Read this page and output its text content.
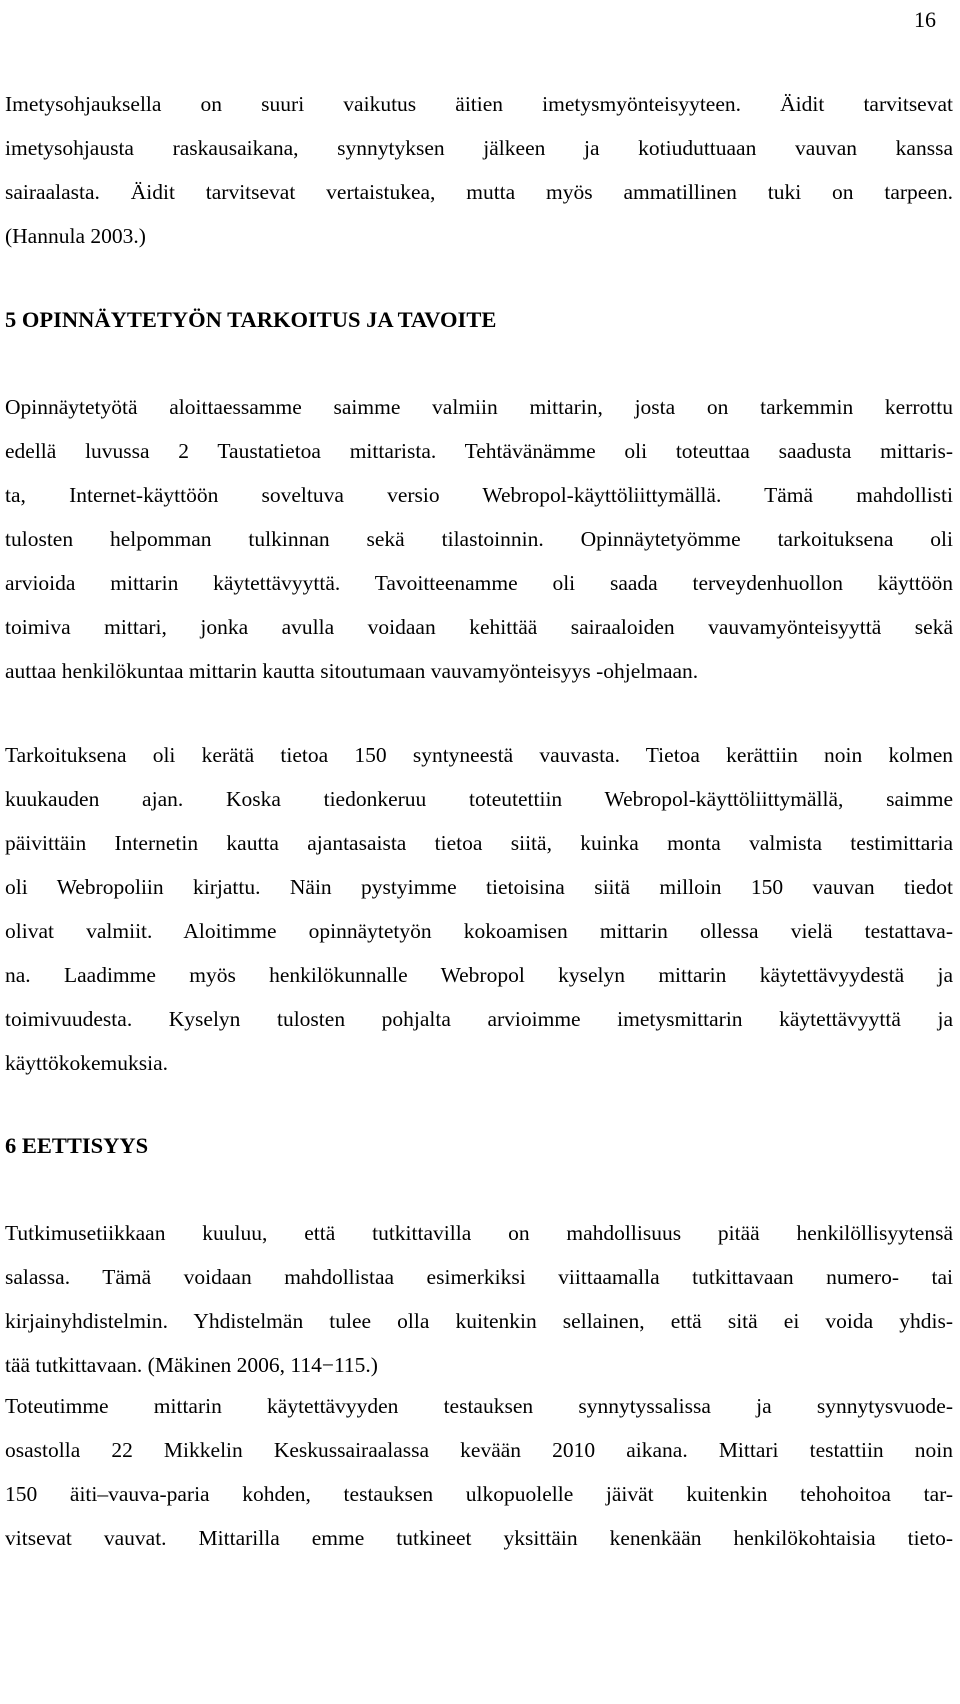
16
Imetysohjauksella on suuri vaikutus äitien imetysmyönteisyyteen. Äidit tarvitsevat
imetysohjausta raskausaikana, synnytyksen jälkeen ja kotiuduttuaan vauvan kanssa
sairaalasta. Äidit tarvitsevat vertaistukea, mutta myös ammatillinen tuki on tarpeen.
(Hannula 2003.)
5 OPINNÄYTETYÖN TARKOITUS JA TAVOITE
Opinnäytetyötä aloittaessamme saimme valmiin mittarin, josta on tarkemmin kerrottu
edellä luvussa 2 Taustatietoa mittarista. Tehtävänämme oli toteuttaa saadusta mittaris-
ta, Internet-käyttöön soveltuva versio Webropol-käyttöliittymällä. Tämä mahdollisti
tulosten helpomman tulkinnan sekä tilastoinnin. Opinnäytetyömme tarkoituksena oli
arvioida mittarin käytettävyyttä. Tavoitteenamme oli saada terveydenhuollon käyttöön
toimiva mittari, jonka avulla voidaan kehittää sairaaloiden vauvamyönteisyyttä sekä
auttaa henkilökuntaa mittarin kautta sitoutumaan vauvamyönteisyys -ohjelmaan.
Tarkoituksena oli kerätä tietoa 150 syntyneestä vauvasta. Tietoa kerättiin noin kolmen
kuukauden ajan. Koska tiedonkeruu toteutettiin Webropol-käyttöliittymällä, saimme
päivittäin Internetin kautta ajantasaista tietoa siitä, kuinka monta valmista testimittaria
oli Webropoliin kirjattu. Näin pystyimme tietoisina siitä milloin 150 vauvan tiedot
olivat valmiit. Aloitimme opinnäytetyön kokoamisen mittarin ollessa vielä testattava-
na. Laadimme myös henkilökunnalle Webropol kyselyn mittarin käytettävyydestä ja
toimivuudesta. Kyselyn tulosten pohjalta arvioimme imetysmittarin käytettävyyttä ja
käyttökokemuksia.
6 EETTISYYS
Tutkimusetiikkaan kuuluu, että tutkittavilla on mahdollisuus pitää henkilöllisyytensä
salassa. Tämä voidaan mahdollistaa esimerkiksi viittaamalla tutkittavaan numero- tai
kirjainyhdistelmin. Yhdistelmän tulee olla kuitenkin sellainen, että sitä ei voida yhdis-
tää tutkittavaan. (Mäkinen 2006, 114−115.)
Toteutimme mittarin käytettävyyden testauksen synnytyssalissa ja synnytysvuode-
osastolla 22 Mikkelin Keskussairaalassa kevään 2010 aikana. Mittari testattiin noin
150 äiti–vauva-paria kohden, testauksen ulkopuolelle jäivät kuitenkin tehohoitoa tar-
vitsevat vauvat. Mittarilla emme tutkineet yksittäin kenenkään henkilökohtaisia tieto-
